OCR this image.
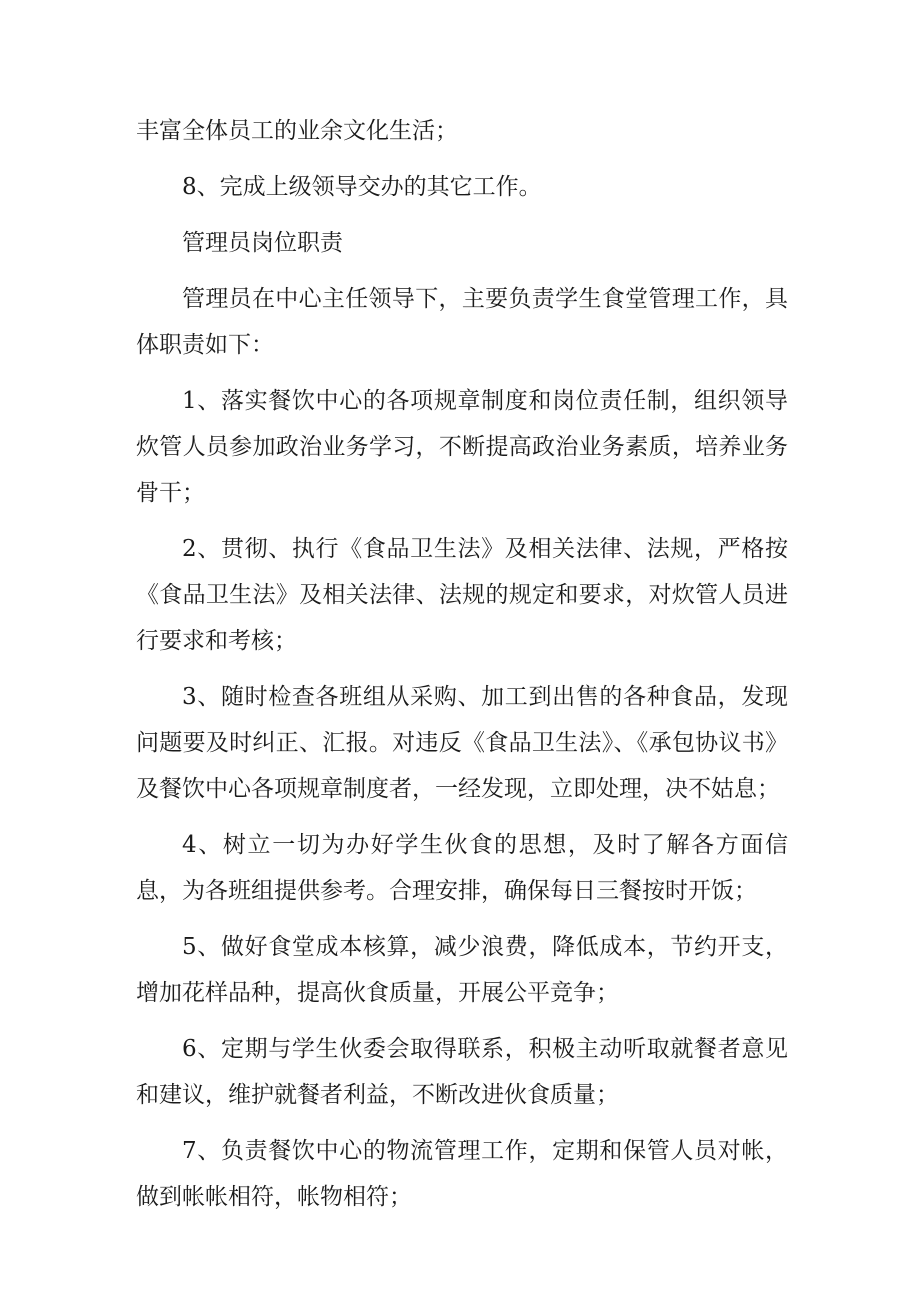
丰富全体员工的业余文化生活；

8、完成上级领导交办的其它工作。

管理员岗位职责

管理员在中心主任领导下，主要负责学生食堂管理工作，具体职责如下：

1、落实餐饮中心的各项规章制度和岗位责任制，组织领导炊管人员参加政治业务学习，不断提高政治业务素质，培养业务骨干；

2、贯彻、执行《食品卫生法》及相关法律、法规，严格按《食品卫生法》及相关法律、法规的规定和要求，对炊管人员进行要求和考核；

3、随时检查各班组从采购、加工到出售的各种食品，发现问题要及时纠正、汇报。对违反《食品卫生法》、《承包协议书》及餐饮中心各项规章制度者，一经发现，立即处理，决不姑息；

4、树立一切为办好学生伙食的思想，及时了解各方面信息，为各班组提供参考。合理安排，确保每日三餐按时开饭；

5、做好食堂成本核算，减少浪费，降低成本，节约开支，增加花样品种，提高伙食质量，开展公平竞争；

6、定期与学生伙委会取得联系，积极主动听取就餐者意见和建议，维护就餐者利益，不断改进伙食质量；

7、负责餐饮中心的物流管理工作，定期和保管人员对帐，做到帐帐相符，帐物相符；
